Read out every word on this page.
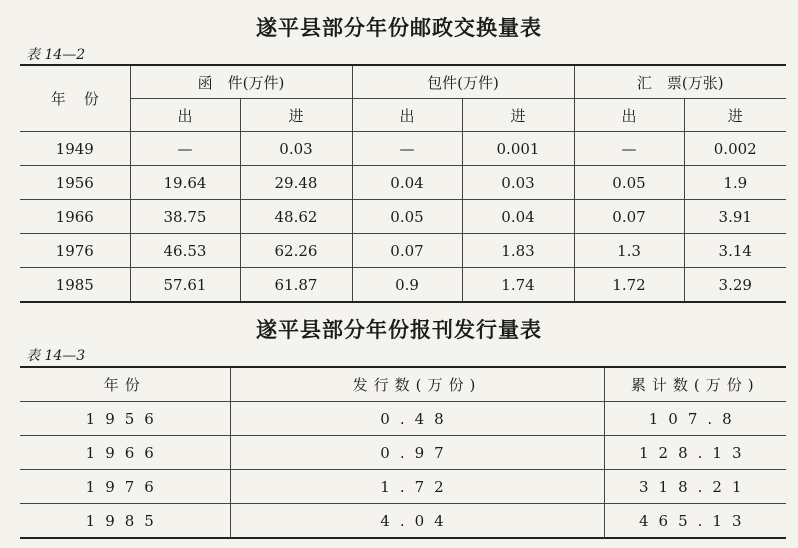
遂平县部分年份邮政交换量表
表 14—2
年份	函　件(万件)		包件(万件)		汇　票(万张)	
	出	进	出	进	出	进
1949	—	0.03	—	0.001	—	0.002
1956	19.64	29.48	0.04	0.03	0.05	1.9
1966	38.75	48.62	0.05	0.04	0.07	3.91
1976	46.53	62.26	0.07	1.83	1.3	3.14
1985	57.61	61.87	0.9	1.74	1.72	3.29
遂平县部分年份报刊发行量表
表 14—3
年份	发行数(万份)	累计数(万份)
1956	0.48	107.8
1966	0.97	128.13
1976	1.72	318.21
1985	4.04	465.13
